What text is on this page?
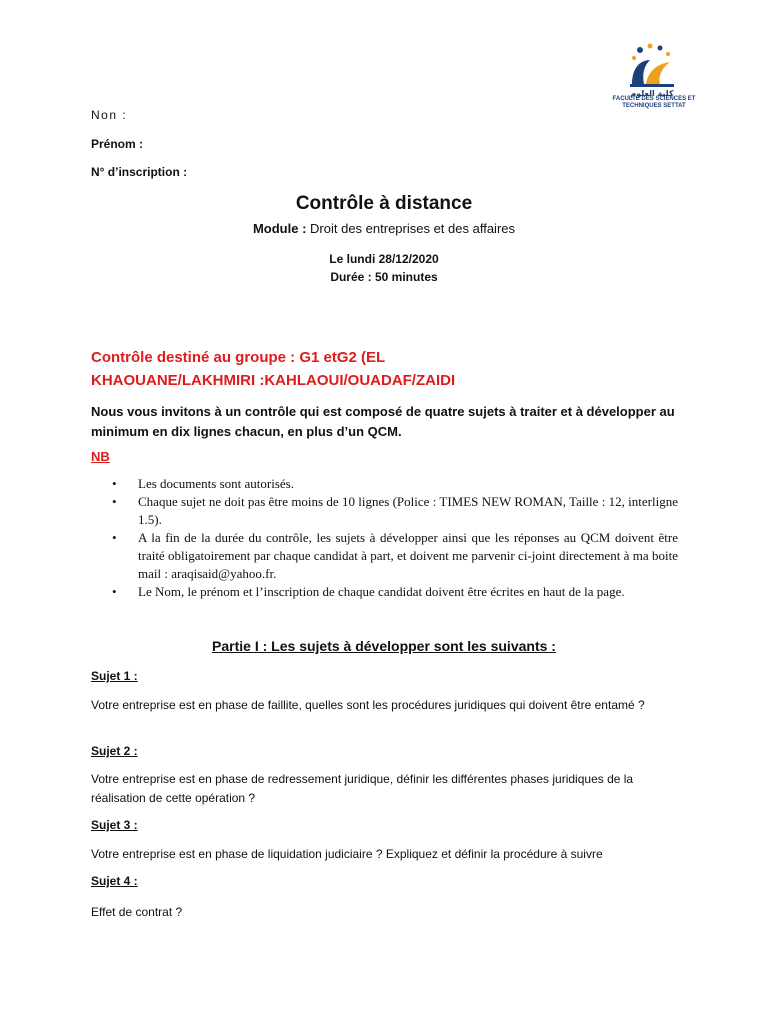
كلية العلوم
FACULTÉ DES SCIENCES ET TECHNIQUES SETTAT
Non :
Prénom :
N° d’inscription :
Contrôle à distance
Module : Droit des entreprises et des affaires
Le lundi 28/12/2020
Durée : 50 minutes
Contrôle destiné au groupe : G1 etG2 (EL
KHAOUANE/LAKHMIRI :KAHLAOUI/OUADAF/ZAIDI
Nous vous invitons à un contrôle qui est composé de quatre sujets à traiter et à développer au minimum en dix lignes chacun, en plus d’un QCM.
NB
• Les documents sont autorisés.
• Chaque sujet ne doit pas être moins de 10 lignes (Police : TIMES NEW ROMAN, Taille : 12, interligne 1.5).
• A la fin de la durée du contrôle, les sujets à développer ainsi que les réponses au QCM doivent être traité obligatoirement par chaque candidat à part, et doivent me parvenir ci-joint directement à ma boite mail : araqisaid@yahoo.fr.
• Le Nom, le prénom et l’inscription de chaque candidat doivent être écrites en haut de la page.
Partie I : Les sujets à développer sont les suivants :
Sujet 1 :
Votre entreprise est en phase de faillite, quelles sont les procédures juridiques qui doivent être entamé ?
Sujet 2 :
Votre entreprise est en phase de redressement juridique, définir les différentes phases juridiques de la réalisation de cette opération ?
Sujet 3 :
Votre entreprise est en phase de liquidation judiciaire ? Expliquez et définir la procédure à suivre
Sujet 4 :
Effet de contrat ?
